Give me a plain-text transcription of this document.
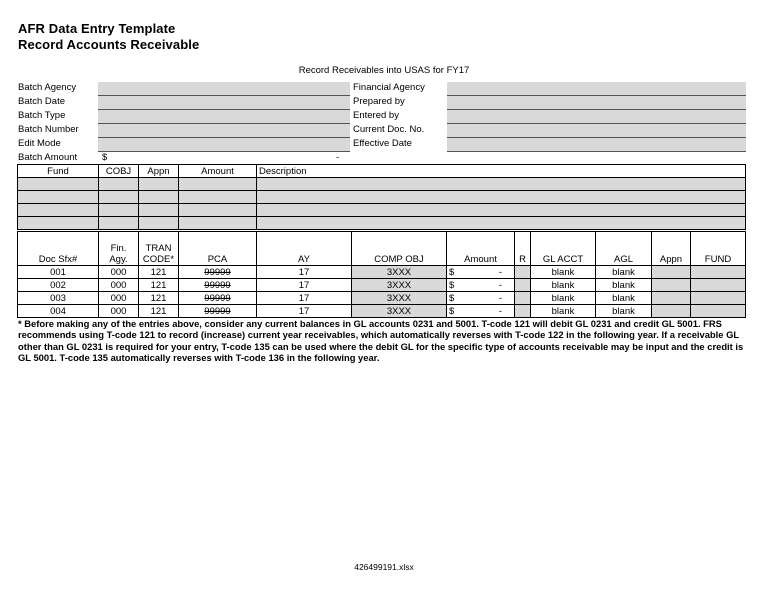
AFR Data Entry Template
Record Accounts Receivable
Record Receivables into USAS for FY17
Batch Agency
Batch Date
Batch Type
Batch Number
Edit Mode
Batch Amount	$	-
Financial Agency
Prepared by
Entered by
Current Doc. No.
Effective Date
Fund	COBJ	Appn	Amount	Description

Doc Sfx#	Fin. Agy.	TRAN CODE*	PCA	AY	COMP OBJ	Amount	R	GL ACCT	AGL	Appn	FUND
001	000	121	99999	17	3XXX	$ -		blank	blank		
002	000	121	99999	17	3XXX	$ -		blank	blank		
003	000	121	99999	17	3XXX	$ -		blank	blank		
004	000	121	99999	17	3XXX	$ -		blank	blank		
* Before making any of the entries above, consider any current balances in GL accounts 0231 and 5001. T-code 121 will debit GL 0231 and credit GL 5001. FRS recommends using T-code 121 to record (increase) current year receivables, which automatically reverses with T-code 122 in the following year. If a receivable GL other than GL 0231 is required for your entry, T-code 135 can be used where the debit GL for the specific type of accounts receivable may be input and the credit is GL 5001. T-code 135 automatically reverses with T-code 136 in the following year.
426499191.xlsx
